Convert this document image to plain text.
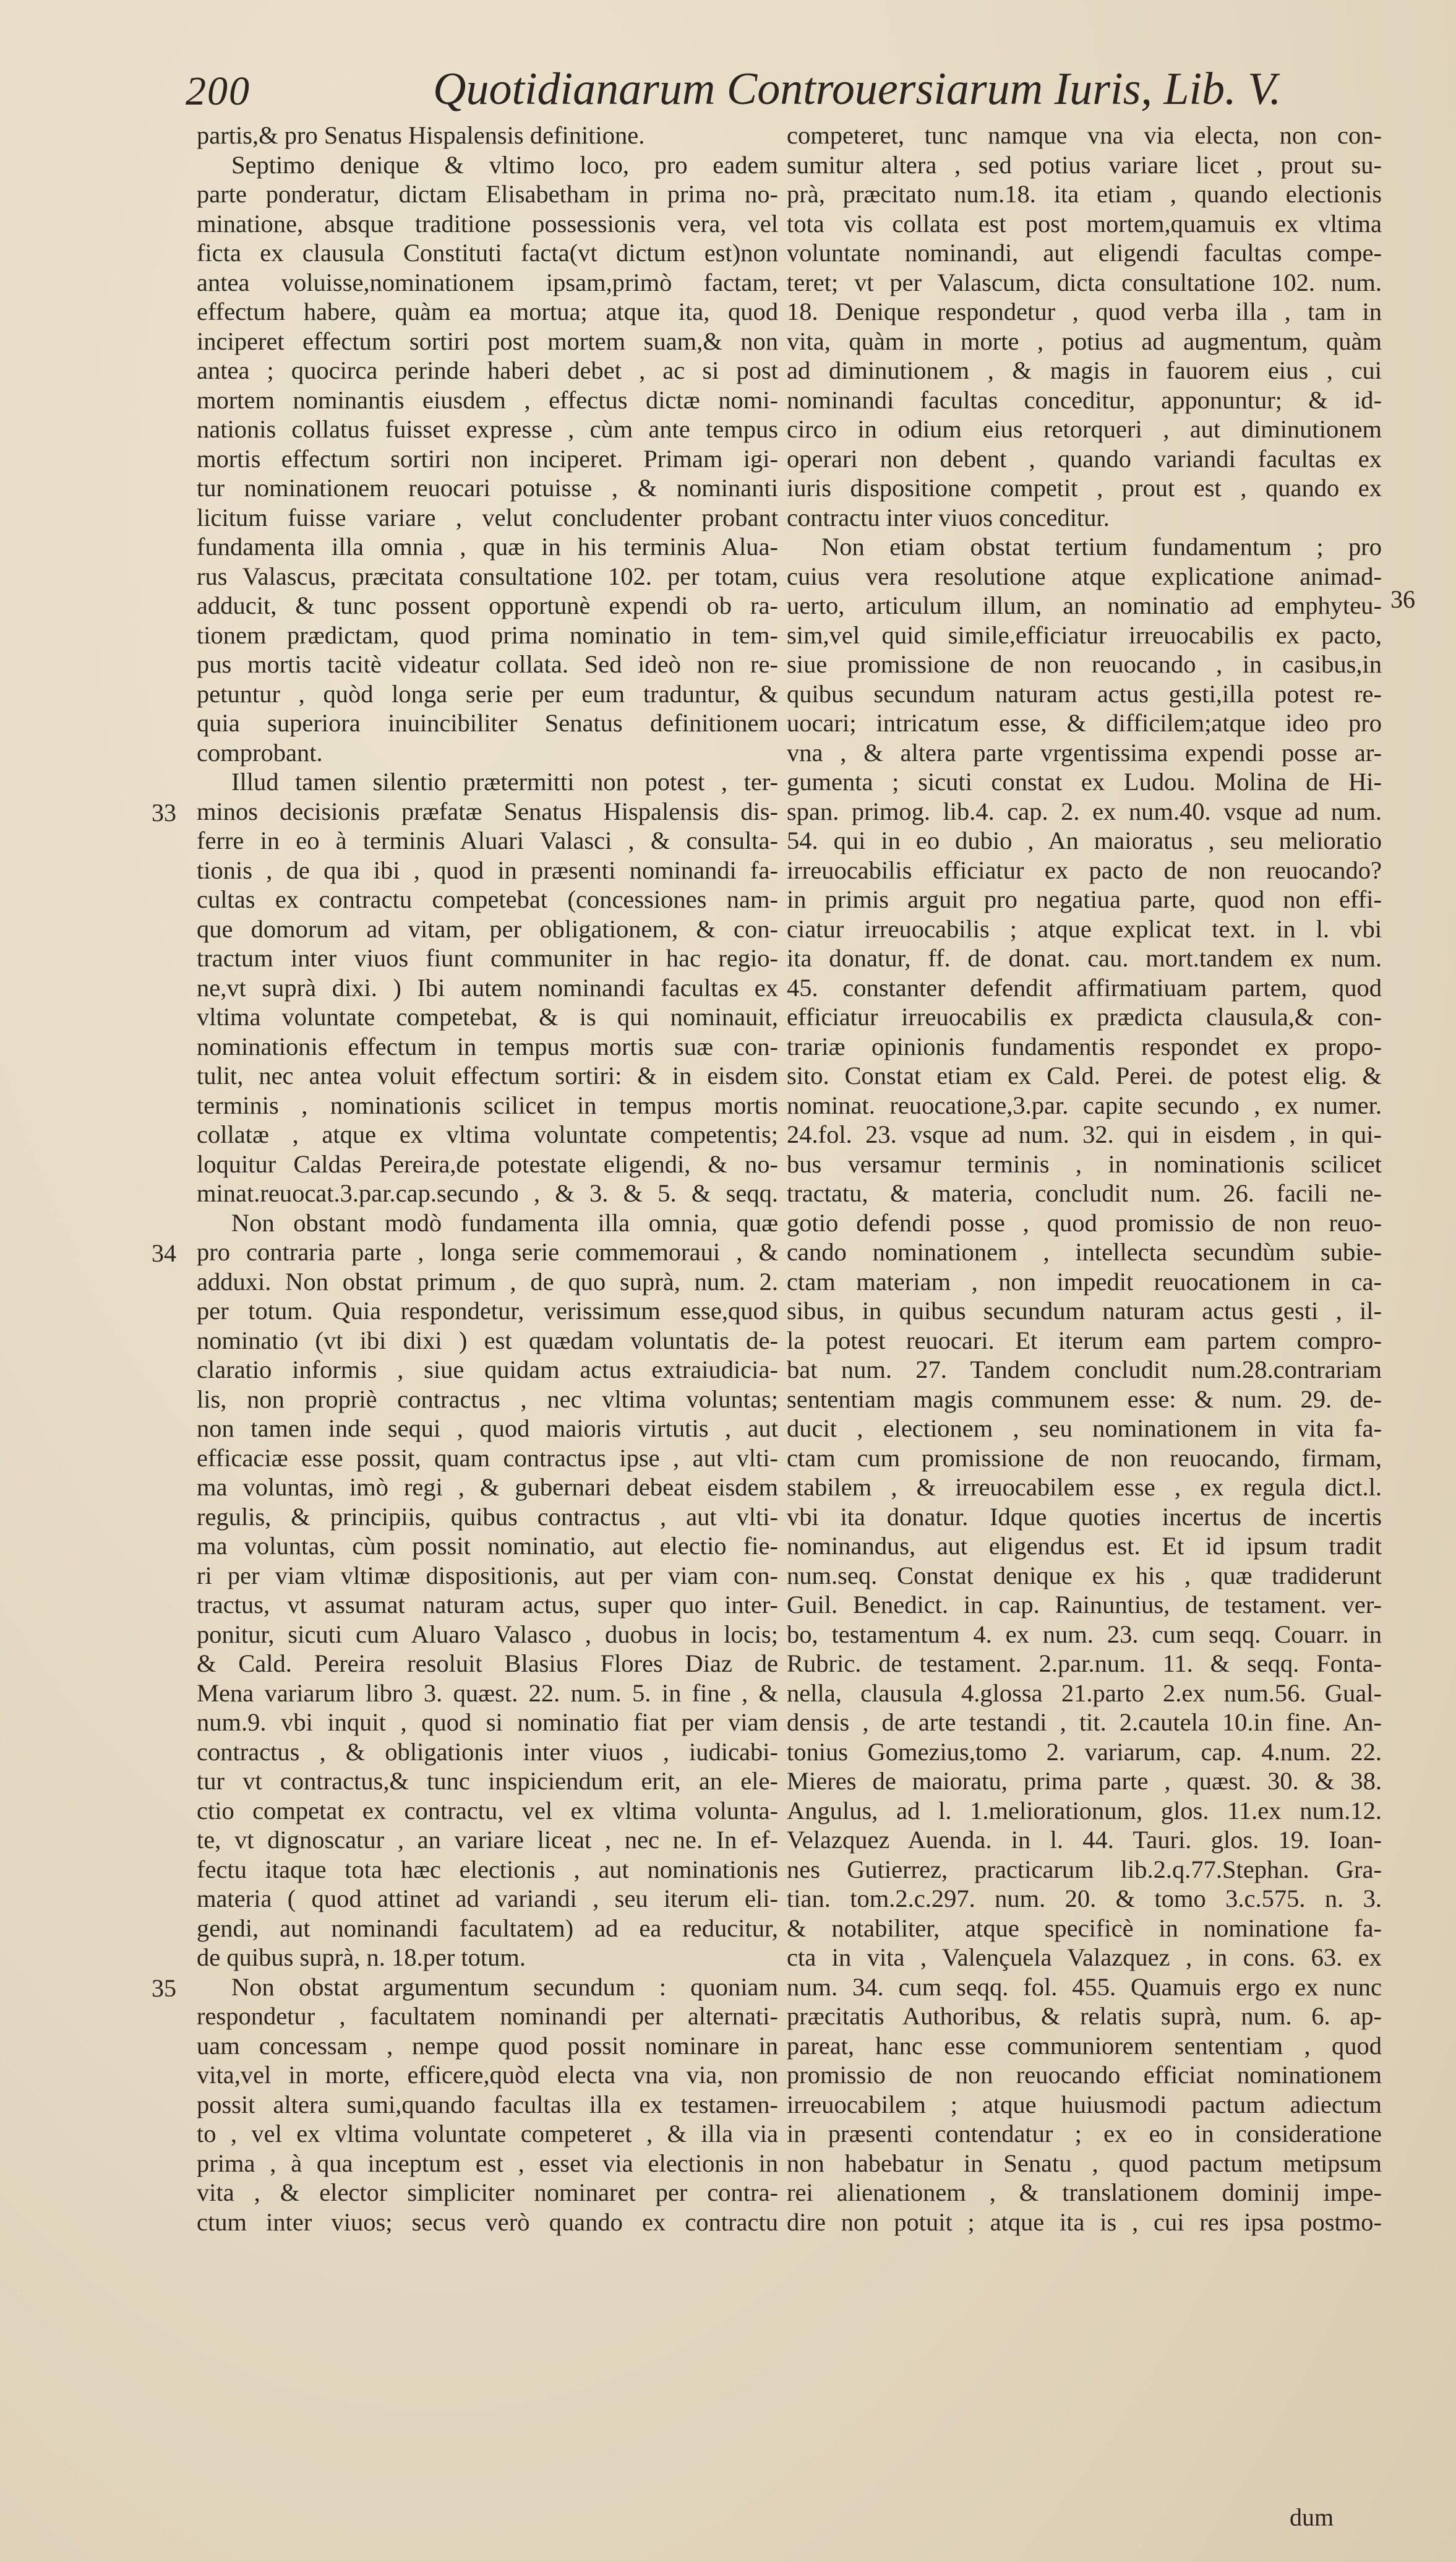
200	Quotidianarum Controuersiarum Iuris, Lib. V.
partis,& pro Senatus Hispalensis definitione.
Septimo denique & vltimo loco, pro eadem
parte ponderatur, dictam Elisabetham in prima no-
minatione, absque traditione possessionis vera, vel
ficta ex clausula Constituti facta(vt dictum est)non
antea voluisse,nominationem ipsam,primò factam,
effectum habere, quàm ea mortua; atque ita, quod
inciperet effectum sortiri post mortem suam,& non
antea ; quocirca perinde haberi debet , ac si post
mortem nominantis eiusdem , effectus dictæ nomi-
nationis collatus fuisset expresse , cùm ante tempus
mortis effectum sortiri non inciperet. Primam igi-
tur nominationem reuocari potuisse , & nominanti
licitum fuisse variare , velut concludenter probant
fundamenta illa omnia , quæ in his terminis Alua-
rus Valascus, præcitata consultatione 102. per totam,
adducit, & tunc possent opportunè expendi ob ra-
tionem prædictam, quod prima nominatio in tem-
pus mortis tacitè videatur collata. Sed ideò non re-
petuntur , quòd longa serie per eum traduntur, &
quia superiora inuincibiliter Senatus definitionem
comprobant.
Illud tamen silentio prætermitti non potest , ter-
minos decisionis præfatæ Senatus Hispalensis dis-
ferre in eo à terminis Aluari Valasci , & consulta-
tionis , de qua ibi , quod in præsenti nominandi fa-
cultas ex contractu competebat (concessiones nam-
que domorum ad vitam, per obligationem, & con-
tractum inter viuos fiunt communiter in hac regio-
ne,vt suprà dixi. ) Ibi autem nominandi facultas ex
vltima voluntate competebat, & is qui nominauit,
nominationis effectum in tempus mortis suæ con-
tulit, nec antea voluit effectum sortiri: & in eisdem
terminis , nominationis scilicet in tempus mortis
collatæ , atque ex vltima voluntate competentis;
loquitur Caldas Pereira,de potestate eligendi, & no-
minat.reuocat.3.par.cap.secundo , & 3. & 5. & seqq.
Non obstant modò fundamenta illa omnia, quæ
pro contraria parte , longa serie commemoraui , &
adduxi. Non obstat primum , de quo suprà, num. 2.
per totum. Quia respondetur, verissimum esse,quod
nominatio (vt ibi dixi ) est quædam voluntatis de-
claratio informis , siue quidam actus extraiudicia-
lis, non propriè contractus , nec vltima voluntas;
non tamen inde sequi , quod maioris virtutis , aut
efficaciæ esse possit, quam contractus ipse , aut vlti-
ma voluntas, imò regi , & gubernari debeat eisdem
regulis, & principiis, quibus contractus , aut vlti-
ma voluntas, cùm possit nominatio, aut electio fie-
ri per viam vltimæ dispositionis, aut per viam con-
tractus, vt assumat naturam actus, super quo inter-
ponitur, sicuti cum Aluaro Valasco , duobus in locis;
& Cald. Pereira resoluit Blasius Flores Diaz de
Mena variarum libro 3. quæst. 22. num. 5. in fine , &
num.9. vbi inquit , quod si nominatio fiat per viam
contractus , & obligationis inter viuos , iudicabi-
tur vt contractus,& tunc inspiciendum erit, an ele-
ctio competat ex contractu, vel ex vltima volunta-
te, vt dignoscatur , an variare liceat , nec ne. In ef-
fectu itaque tota hæc electionis , aut nominationis
materia ( quod attinet ad variandi , seu iterum eli-
gendi, aut nominandi facultatem) ad ea reducitur,
de quibus suprà, n. 18.per totum.
Non obstat argumentum secundum : quoniam
respondetur , facultatem nominandi per alternati-
uam concessam , nempe quod possit nominare in
vita,vel in morte, efficere,quòd electa vna via, non
possit altera sumi,quando facultas illa ex testamen-
to , vel ex vltima voluntate competeret , & illa via
prima , à qua inceptum est , esset via electionis in
vita , & elector simpliciter nominaret per contra-
ctum inter viuos; secus verò quando ex contractu
competeret, tunc namque vna via electa, non con-
sumitur altera , sed potius variare licet , prout su-
prà, præcitato num.18. ita etiam , quando electionis
tota vis collata est post mortem,quamuis ex vltima
voluntate nominandi, aut eligendi facultas compe-
teret; vt per Valascum, dicta consultatione 102. num.
18. Denique respondetur , quod verba illa , tam in
vita, quàm in morte , potius ad augmentum, quàm
ad diminutionem , & magis in fauorem eius , cui
nominandi facultas conceditur, apponuntur; & id-
circo in odium eius retorqueri , aut diminutionem
operari non debent , quando variandi facultas ex
iuris dispositione competit , prout est , quando ex
contractu inter viuos conceditur.
Non etiam obstat tertium fundamentum ; pro
cuius vera resolutione atque explicatione animad-
uerto, articulum illum, an nominatio ad emphyteu-
sim,vel quid simile,efficiatur irreuocabilis ex pacto,
siue promissione de non reuocando , in casibus,in
quibus secundum naturam actus gesti,illa potest re-
uocari; intricatum esse, & difficilem;atque ideo pro
vna , & altera parte vrgentissima expendi posse ar-
gumenta ; sicuti constat ex Ludou. Molina de Hi-
span. primog. lib.4. cap. 2. ex num.40. vsque ad num.
54. qui in eo dubio , An maioratus , seu melioratio
irreuocabilis efficiatur ex pacto de non reuocando?
in primis arguit pro negatiua parte, quod non effi-
ciatur irreuocabilis ; atque explicat text. in l. vbi
ita donatur, ff. de donat. cau. mort.tandem ex num.
45. constanter defendit affirmatiuam partem, quod
efficiatur irreuocabilis ex prædicta clausula,& con-
trariæ opinionis fundamentis respondet ex propo-
sito. Constat etiam ex Cald. Perei. de potest elig. &
nominat. reuocatione,3.par. capite secundo , ex numer.
24.fol. 23. vsque ad num. 32. qui in eisdem , in qui-
bus versamur terminis , in nominationis scilicet
tractatu, & materia, concludit num. 26. facili ne-
gotio defendi posse , quod promissio de non reuo-
cando nominationem , intellecta secundùm subie-
ctam materiam , non impedit reuocationem in ca-
sibus, in quibus secundum naturam actus gesti , il-
la potest reuocari. Et iterum eam partem compro-
bat num. 27. Tandem concludit num.28.contrariam
sententiam magis communem esse: & num. 29. de-
ducit , electionem , seu nominationem in vita fa-
ctam cum promissione de non reuocando, firmam,
stabilem , & irreuocabilem esse , ex regula dict.l.
vbi ita donatur. Idque quoties incertus de incertis
nominandus, aut eligendus est. Et id ipsum tradit
num.seq. Constat denique ex his , quæ tradiderunt
Guil. Benedict. in cap. Rainuntius, de testament. ver-
bo, testamentum 4. ex num. 23. cum seqq. Couarr. in
Rubric. de testament. 2.par.num. 11. & seqq. Fonta-
nella, clausula 4.glossa 21.parto 2.ex num.56. Gual-
densis , de arte testandi , tit. 2.cautela 10.in fine. An-
tonius Gomezius,tomo 2. variarum, cap. 4.num. 22.
Mieres de maioratu, prima parte , quæst. 30. & 38.
Angulus, ad l. 1.meliorationum, glos. 11.ex num.12.
Velazquez Auenda. in l. 44. Tauri. glos. 19. Ioan-
nes Gutierrez, practicarum lib.2.q.77.Stephan. Gra-
tian. tom.2.c.297. num. 20. & tomo 3.c.575. n. 3.
& notabiliter, atque specificè in nominatione fa-
cta in vita , Valençuela Valazquez , in cons. 63. ex
num. 34. cum seqq. fol. 455. Quamuis ergo ex nunc
præcitatis Authoribus, & relatis suprà, num. 6. ap-
pareat, hanc esse communiorem sententiam , quod
promissio de non reuocando efficiat nominationem
irreuocabilem ; atque huiusmodi pactum adiectum
in præsenti contendatur ; ex eo in consideratione
non habebatur in Senatu , quod pactum metipsum
rei alienationem , & translationem dominij impe-
dire non potuit ; atque ita is , cui res ipsa postmo-
33
34
35
36
dum
